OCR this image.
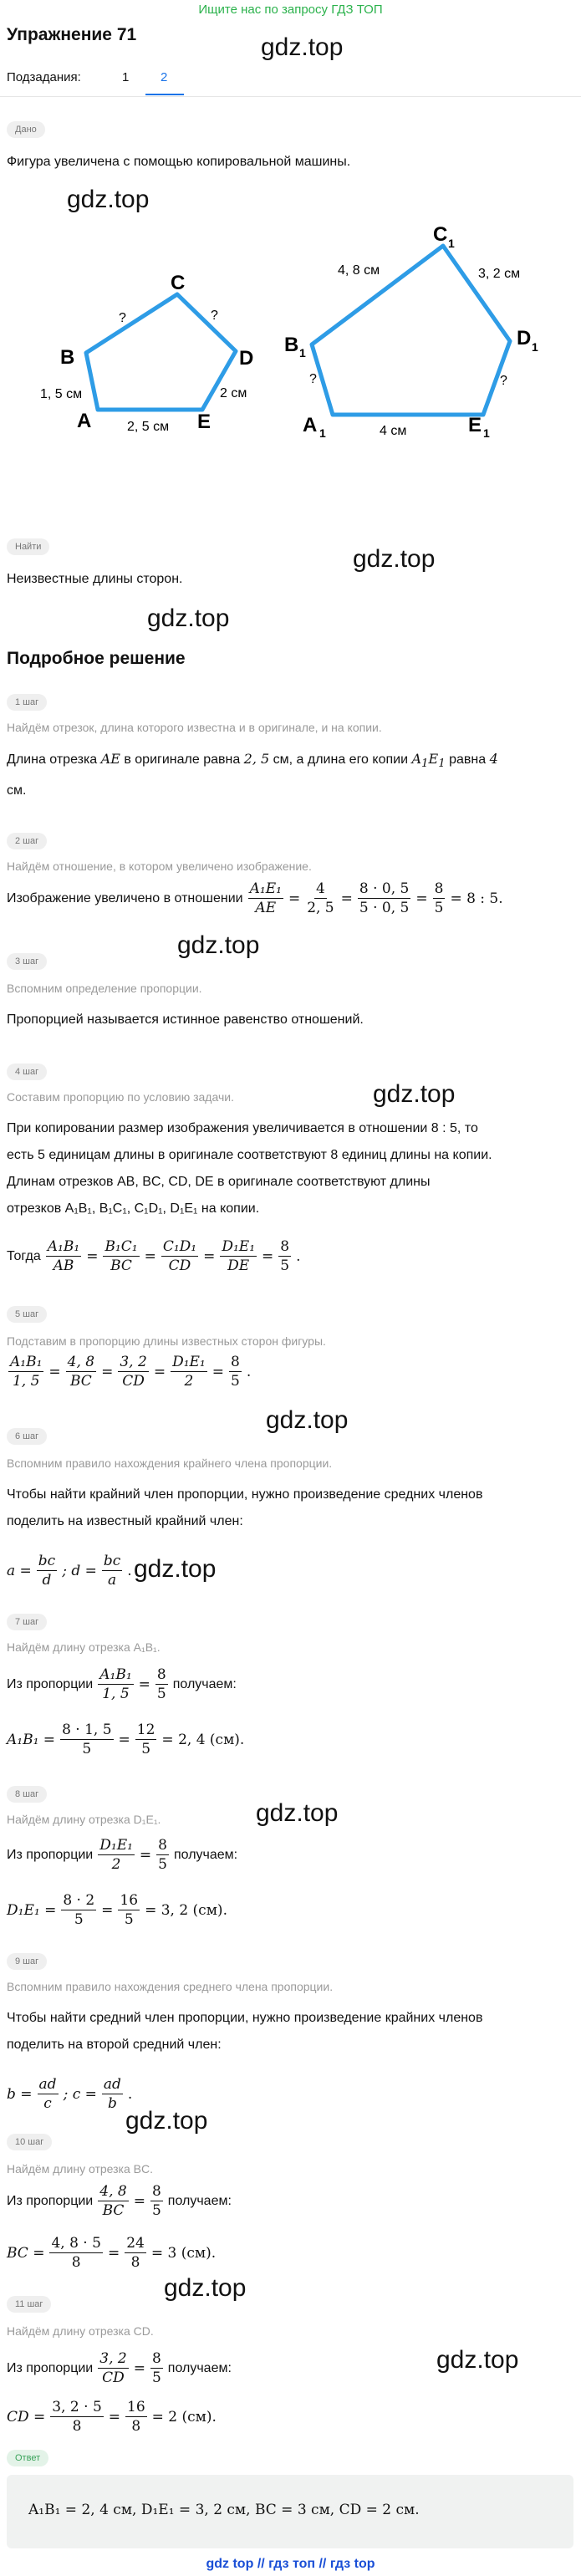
Ищите нас по запросу ГДЗ ТОП
Упражнение 71	gdz.top
Подзадания:	1	2
Дано
Фигура увеличена с помощью копировальной машины.
gdz.top
A
B
C
D
E
1, 5 см
2, 5 см
2 см
?	?
A 1
B 1
C 1
D 1
E 1
4, 8 см	3, 2 см
4 см
?	?
Найти	gdz.top
Неизвестные длины сторон.
gdz.top
Подробное решение
1 шаг
Найдём отрезок, длина которого известна и в оригинале, и на копии.
Длина отрезка AE в оригинале равна 2, 5 см, а длина его копии $A_1E_1$ равна 4
см.
2 шаг
Найдём отношение, в котором увеличено изображение.
Изображение увеличено в отношении $\frac{\text{A₁E₁}}{AE} = \frac{4}{2, 5} = \frac{8 \cdot 0, 5}{5 \cdot 0, 5} = \frac{8}{5} = 8$ : 5.
gdz.top
3 шаг
Вспомним определение пропорции.
Пропорцией называется истинное равенство отношений.
4 шаг
gdz.top
Составим пропорцию по условию задачи.
При копировании размер изображения увеличивается в отношении 8 : 5, то
есть 5 единицам длины в оригинале соответствуют 8 единиц длины на копии.
Длинам отрезков AB, BC, CD, DE в оригинале соответствуют длины
отрезков A₁B₁, B₁C₁, C₁D₁, D₁E₁ на копии.
Тогда $\frac{\text{A₁B₁}}{AB} = \frac{\text{B₁C₁}}{BC} = \frac{\text{C₁D₁}}{CD} = \frac{\text{D₁E₁}}{DE} = \frac{8}{5}$ .
5 шаг
Подставим в пропорцию длины известных сторон фигуры.
$\frac{\text{A₁B₁}}{1, 5} = \frac{4, 8}{BC} = \frac{3, 2}{CD} = \frac{\text{D₁E₁}}{2} = \frac{8}{5}$ .
gdz.top
6 шаг
Вспомним правило нахождения крайнего члена пропорции.
Чтобы найти крайний член пропорции, нужно произведение средних членов
поделить на известный крайний член:
$a = \frac{bc}{d}$ ; $d = \frac{bc}{a}$ . gdz.top
7 шаг
Найдём длину отрезка A₁B₁.
Из пропорции $\frac{\text{A₁B₁}}{1, 5} = \frac{8}{5}$ получаем:
$A_1B_1 = \frac{8 \cdot 1, 5}{5} = \frac{12}{5} = 2$, 4 (см).
8 шаг
gdz.top
Найдём длину отрезка D₁E₁.
Из пропорции $\frac{\text{D₁E₁}}{2} = \frac{8}{5}$ получаем:
$D_1E_1 = \frac{8 \cdot 2}{5} = \frac{16}{5} = 3$, 2 (см).
9 шаг
Вспомним правило нахождения среднего члена пропорции.
Чтобы найти средний член пропорции, нужно произведение крайних членов
поделить на второй средний член:
$b = \frac{ad}{c}$ ; $c = \frac{ad}{b}$ .
gdz.top
10 шаг
Найдём длину отрезка BC.
Из пропорции $\frac{4, 8}{BC} = \frac{8}{5}$ получаем:
BC = $\frac{4, 8 \cdot 5}{8} = \frac{24}{8} = 3$ (см).
gdz.top
11 шаг
Найдём длину отрезка CD.
gdz.top
Из пропорции $\frac{3, 2}{CD} = \frac{8}{5}$ получаем:
CD = $\frac{3, 2 \cdot 5}{8} = \frac{16}{8} = 2$ (см).
Ответ
A₁B₁ = 2, 4 см, D₁E₁ = 3, 2 см, BC = 3 см, CD = 2 см.
gdz top // гдз топ // гдз top
